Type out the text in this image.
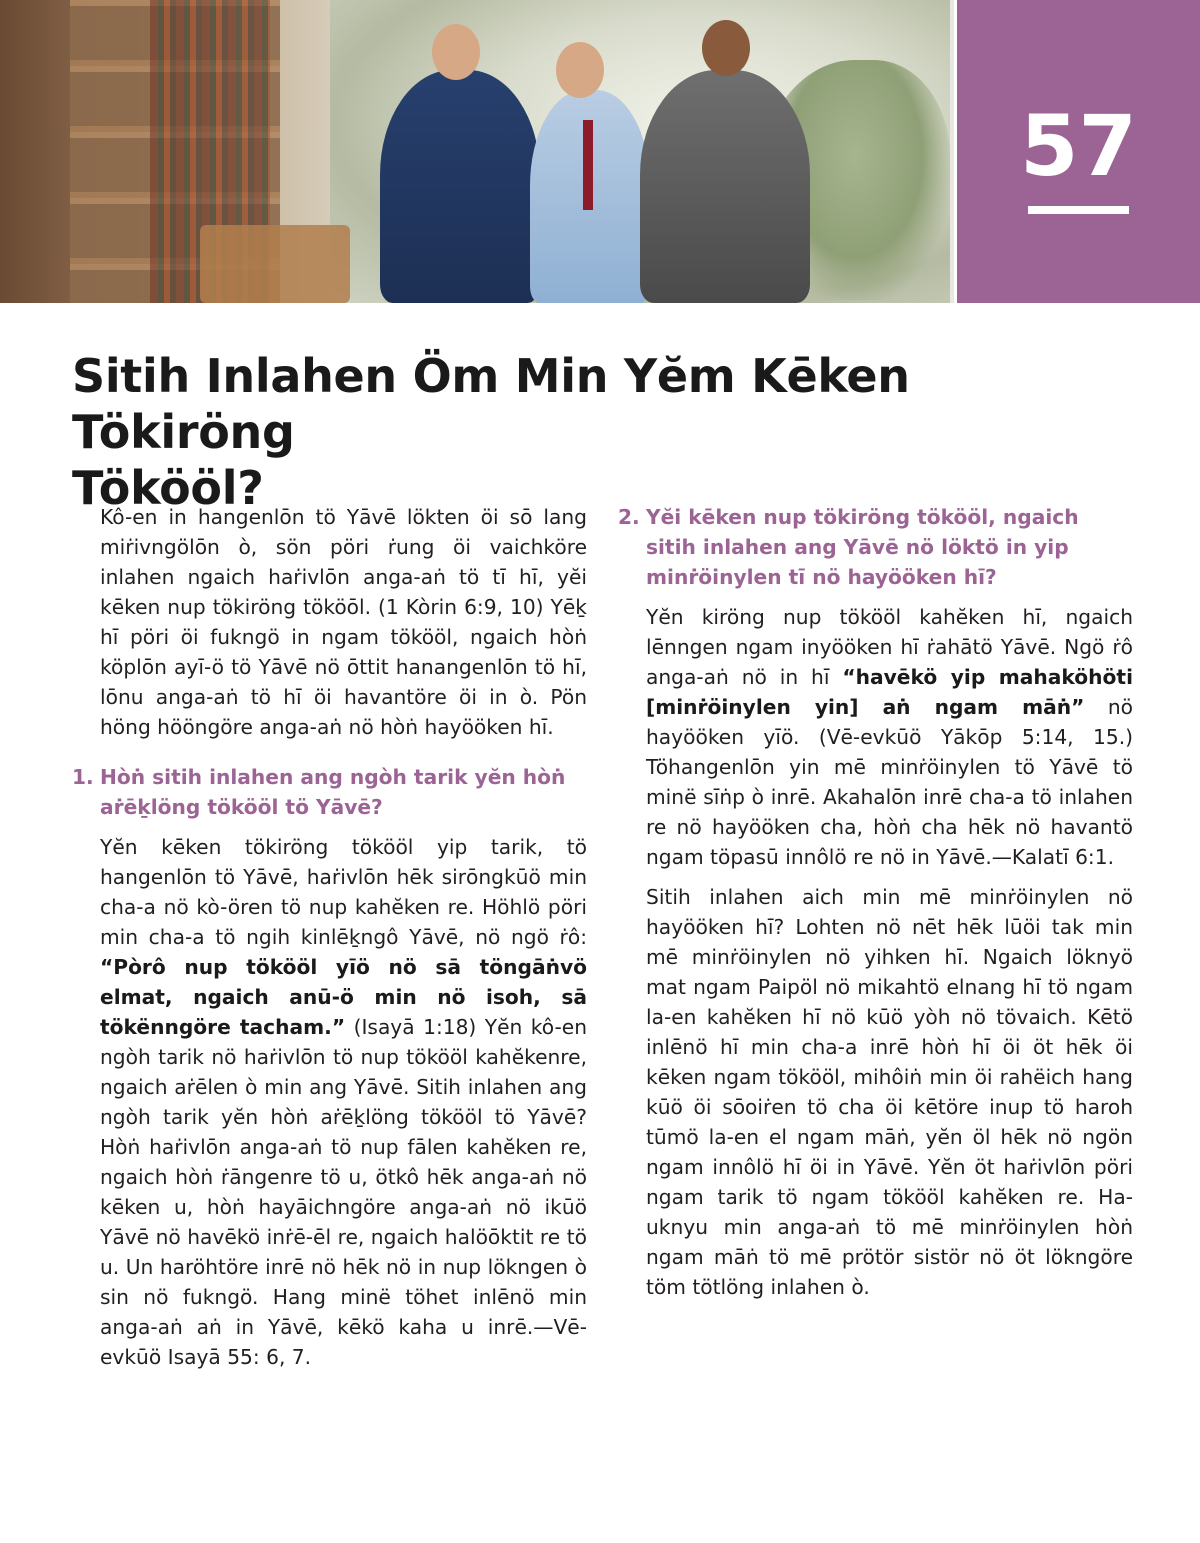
57
Sitih Inlahen Öm Min Yĕm Kēken Tökiröng
Tökööl?

Kô-en in hangenlōn tö Yāvē lökten öi sō lang miṙivngölōn ò, sön pöri ṙung öi vaichköre inlahen ngaich haṙivlōn anga-aṅ tö tī hī, yĕi kēken nup tökiröng tököōl. (1 Kòrin 6:9, 10) Yēḵ hī pöri öi fukngö in ngam tökööl, ngaich hòṅ köplōn ayī-ö tö Yāvē nö ōttit hanangenlōn tö hī, lōnu anga-aṅ tö hī öi havantöre öi in ò. Pön höng hööngöre anga-aṅ nö hòṅ hayööken hī.

1. Hòṅ sitih inlahen ang ngòh tarik yĕn hòṅ aṙēḵlöng tökööl tö Yāvē?

Yĕn kēken tökiröng tökööl yip tarik, tö hangenlōn tö Yāvē, haṙivlōn hēk sirōngkūö min cha-a nö kò-ören tö nup kahĕken re. Höhlö pöri min cha-a tö ngih kinlēḵngô Yāvē, nö ngö ṙô: “Pòrô nup tökööl yīö nö sā töngāṅvö elmat, ngaich anū-ö min nö isoh, sā tökënngöre tacham.” (Isayā 1:18) Yĕn kô-en ngòh tarik nö haṙivlōn tö nup tökööl kahĕkenre, ngaich aṙēlen ò min ang Yāvē. Sitih inlahen ang ngòh tarik yĕn hòṅ aṙēḵlöng tökööl tö Yāvē? Hòṅ haṙivlōn anga-aṅ tö nup fālen kahĕken re, ngaich hòṅ ṙāngenre tö u, ötkô hēk anga-aṅ nö kēken u, hòṅ hayāichngöre anga-aṅ nö ikūö Yāvē nö havēkö inṙē-ēl re, ngaich halöōktit re tö u. Un haröhtöre inrē nö hēk nö in nup lökngen ò sin nö fukngö. Hang minë töhet inlēnö min anga-aṅ aṅ in Yāvē, kēkö kaha u inrē.—Vē-evkūö Isayā 55: 6, 7.

2. Yĕi kēken nup tökiröng tökööl, ngaich sitih inlahen ang Yāvē nö löktö in yip minṙöinylen tī nö hayööken hī?

Yĕn kiröng nup tökööl kahĕken hī, ngaich lēnngen ngam inyööken hī ṙahātö Yāvē. Ngö ṙô anga-aṅ nö in hī “havēkö yip mahaköhöti [minṙöinylen yin] aṅ ngam māṅ” nö hayööken yīö. (Vē-evkūö Yākōp 5:14, 15.) Töhangenlōn yin mē minṙöinylen tö Yāvē tö minë sīṅp ò inrē. Akahalōn inrē cha-a tö inlahen re nö hayööken cha, hòṅ cha hēk nö havantö ngam töpasū innôlö re nö in Yāvē.—Kalatī 6:1.

Sitih inlahen aich min mē minṙöinylen nö hayööken hī? Lohten nö nēt hēk lūöi tak min mē minṙöinylen nö yihken hī. Ngaich löknyö mat ngam Paipöl nö mikahtö elnang hī tö ngam la-en kahĕken hī nö kūö yòh nö tövaich. Kētö inlēnö hī min cha-a inrē hòṅ hī öi öt hēk öi kēken ngam tökööl, mihôiṅ min öi rahëich hang kūö öi sōoiṙen tö cha öi kētöre inup tö haroh tūmö la-en el ngam māṅ, yĕn öl hēk nö ngön ngam innôlö hī öi in Yāvē. Yĕn öt haṙivlōn pöri ngam tarik tö ngam tökööl kahĕken re. Ha-uknyu min anga-aṅ tö mē minṙöinylen hòṅ ngam māṅ tö mē prötör sistör nö öt lökngöre töm tötlöng inlahen ò.
